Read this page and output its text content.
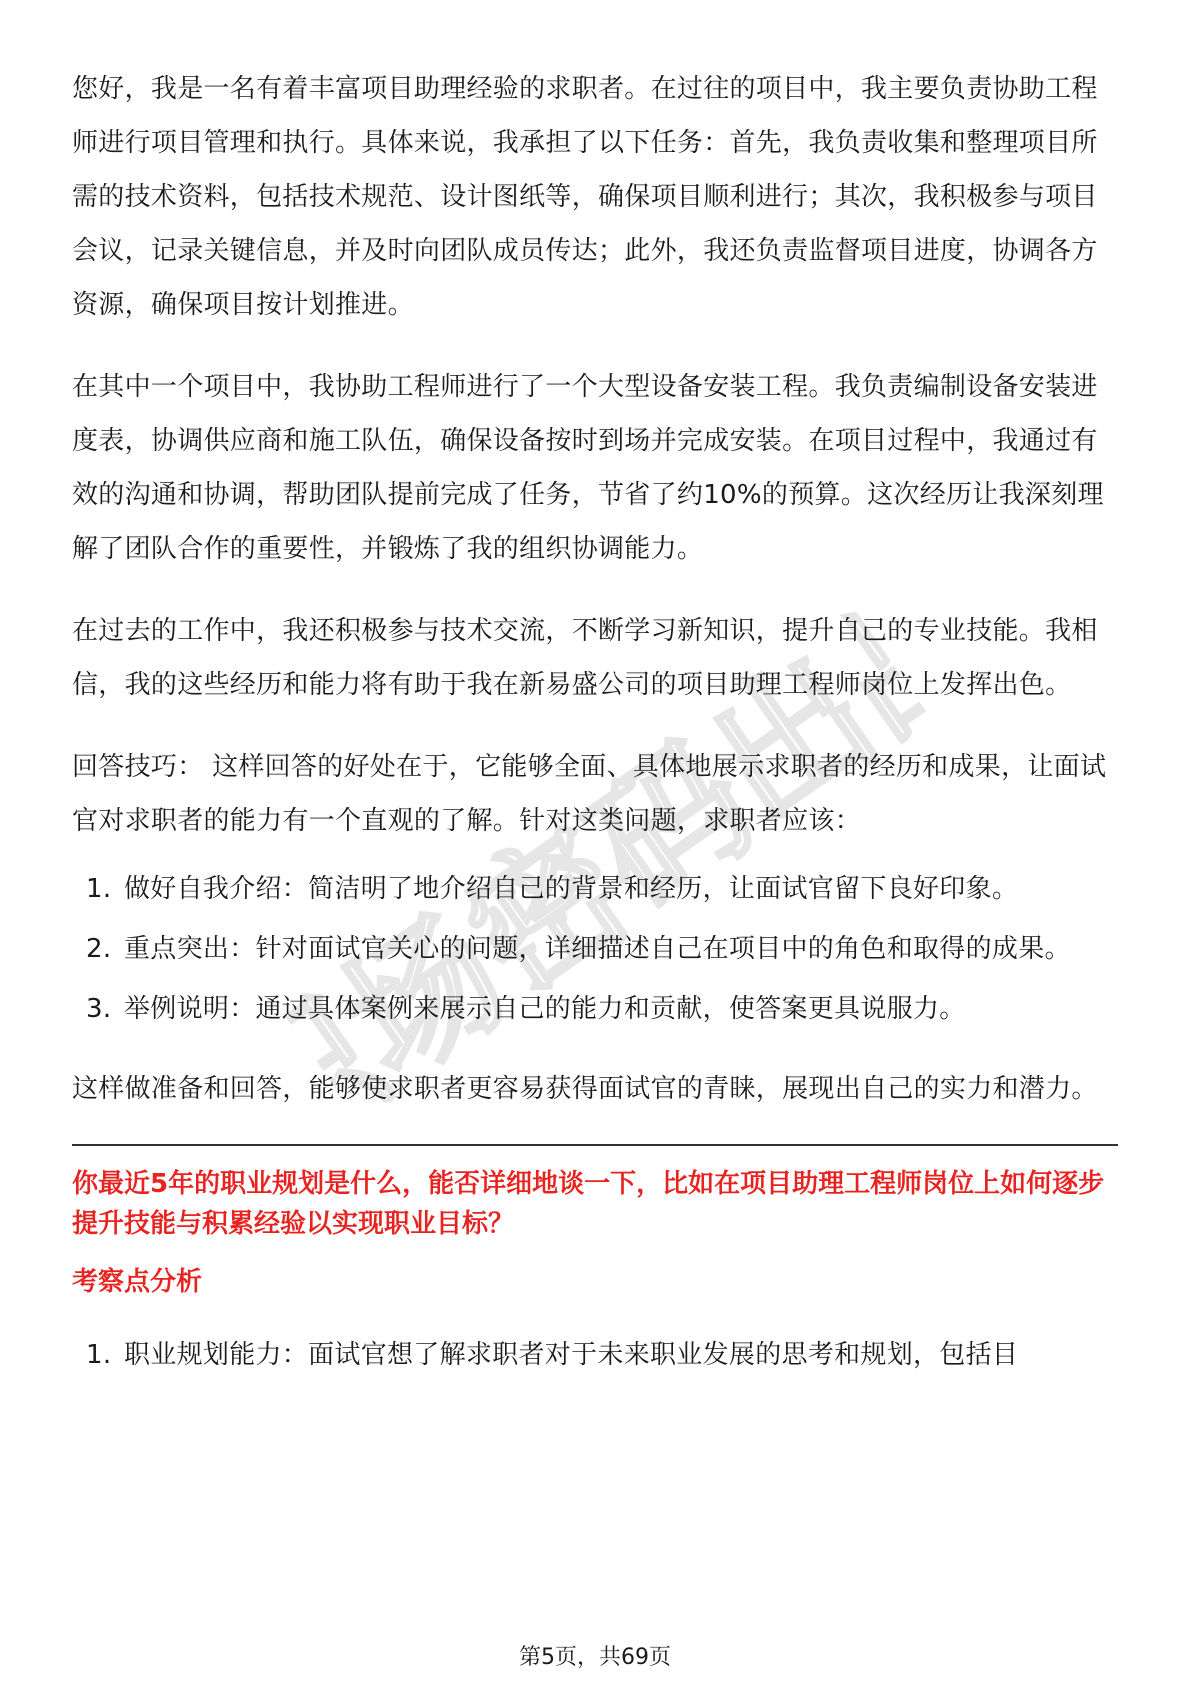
职场密码出品

您好，我是一名有着丰富项目助理经验的求职者。在过往的项目中，我主要负责协助工程师进行项目管理和执行。具体来说，我承担了以下任务：首先，我负责收集和整理项目所需的技术资料，包括技术规范、设计图纸等，确保项目顺利进行；其次，我积极参与项目会议，记录关键信息，并及时向团队成员传达；此外，我还负责监督项目进度，协调各方资源，确保项目按计划推进。

在其中一个项目中，我协助工程师进行了一个大型设备安装工程。我负责编制设备安装进度表，协调供应商和施工队伍，确保设备按时到场并完成安装。在项目过程中，我通过有效的沟通和协调，帮助团队提前完成了任务，节省了约10%的预算。这次经历让我深刻理解了团队合作的重要性，并锻炼了我的组织协调能力。

在过去的工作中，我还积极参与技术交流，不断学习新知识，提升自己的专业技能。我相信，我的这些经历和能力将有助于我在新易盛公司的项目助理工程师岗位上发挥出色。

回答技巧： 这样回答的好处在于，它能够全面、具体地展示求职者的经历和成果，让面试官对求职者的能力有一个直观的了解。针对这类问题，求职者应该：

1. 做好自我介绍：简洁明了地介绍自己的背景和经历，让面试官留下良好印象。
2. 重点突出：针对面试官关心的问题，详细描述自己在项目中的角色和取得的成果。
3. 举例说明：通过具体案例来展示自己的能力和贡献，使答案更具说服力。

这样做准备和回答，能够使求职者更容易获得面试官的青睐，展现出自己的实力和潜力。

你最近5年的职业规划是什么，能否详细地谈一下，比如在项目助理工程师岗位上如何逐步提升技能与积累经验以实现职业目标？
考察点分析
1. 职业规划能力：面试官想了解求职者对于未来职业发展的思考和规划，包括目
第5页，共69页
